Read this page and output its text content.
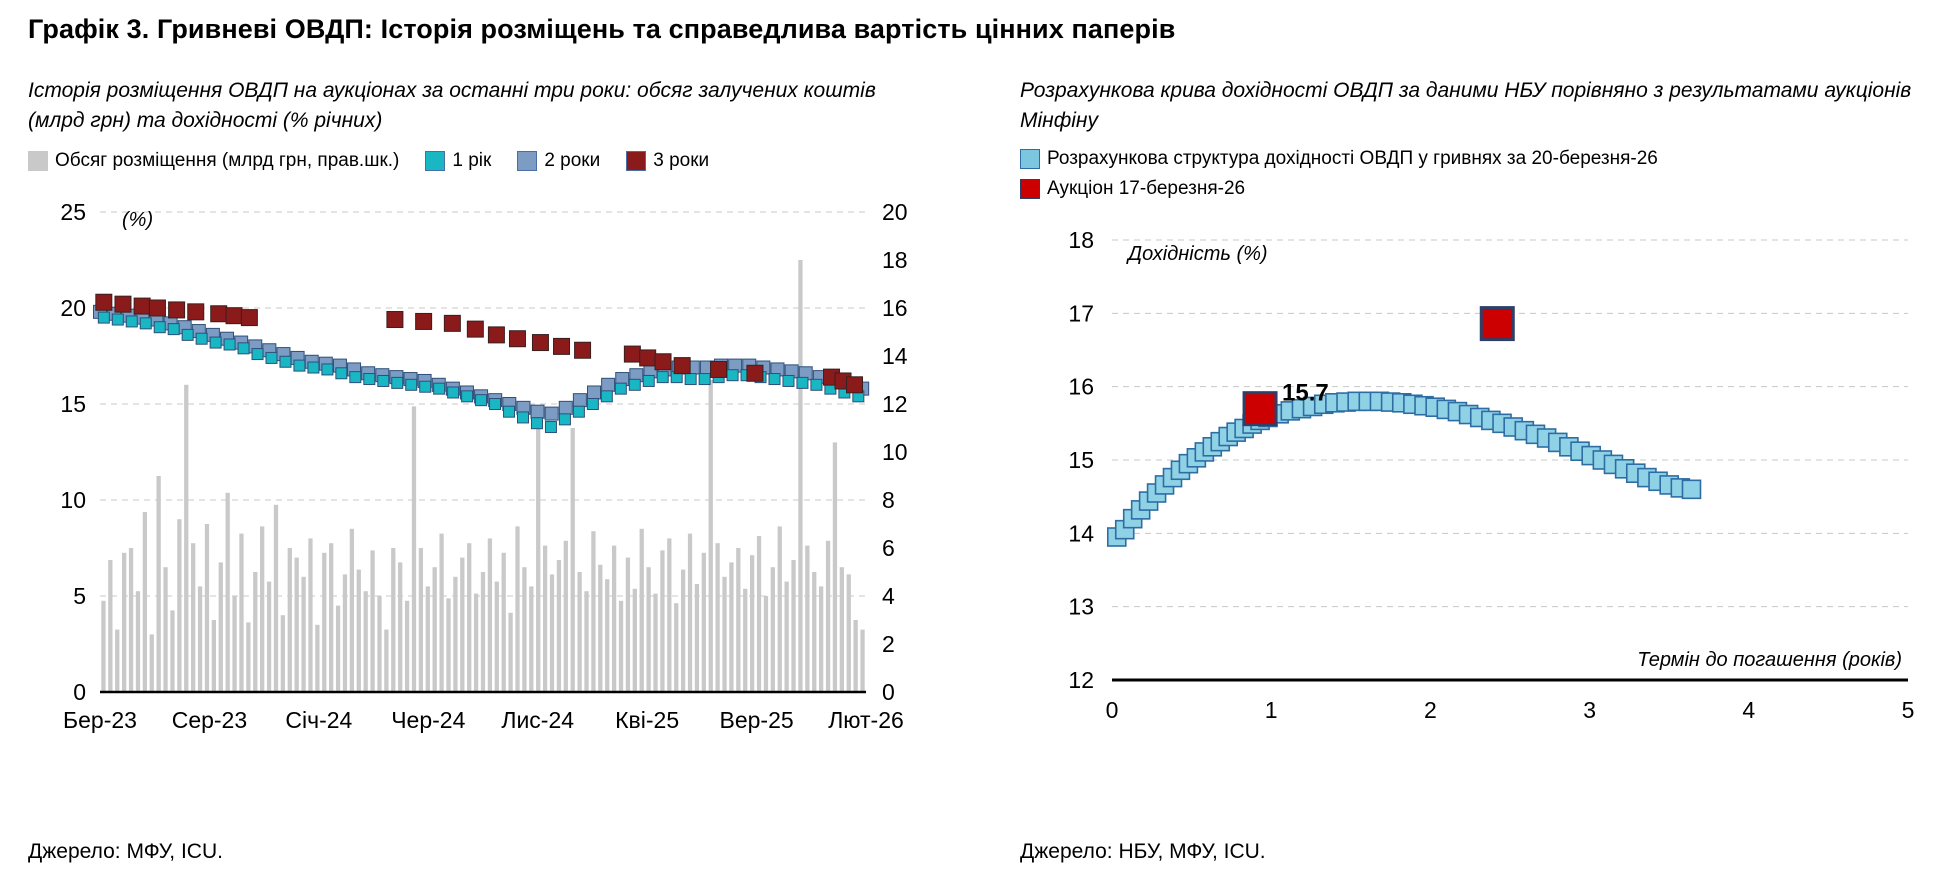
Графік 3. Гривневі ОВДП: Історія розміщень та справедлива вартість цінних паперів
Історія розміщення ОВДП на аукціонах за останні три роки: обсяг залучених коштів (млрд грн) та дохідності (% річних)
Обсяг розміщення (млрд грн, прав.шк.)	1 рік	2 роки	3 роки
0
5
10
15
20
25
0
2
4
6
8
10
12
14
16
18
20
(%)
Бер-23 Сер-23 Січ-24 Чер-24 Лис-24 Кві-25 Вер-25 Лют-26
Розрахункова крива дохідності ОВДП за даними НБУ порівняно з результатами аукціонів Мінфіну
Розрахункова структура дохідності ОВДП у гривнях за 20-березня-26
Аукціон 17-березня-26
12
13
14
15
16
17
18
Дохідність (%)
Термін до погашення (років)
15.7
0	1	2	3	4	5
Джерело: МФУ, ICU.	Джерело: НБУ, МФУ, ICU.
